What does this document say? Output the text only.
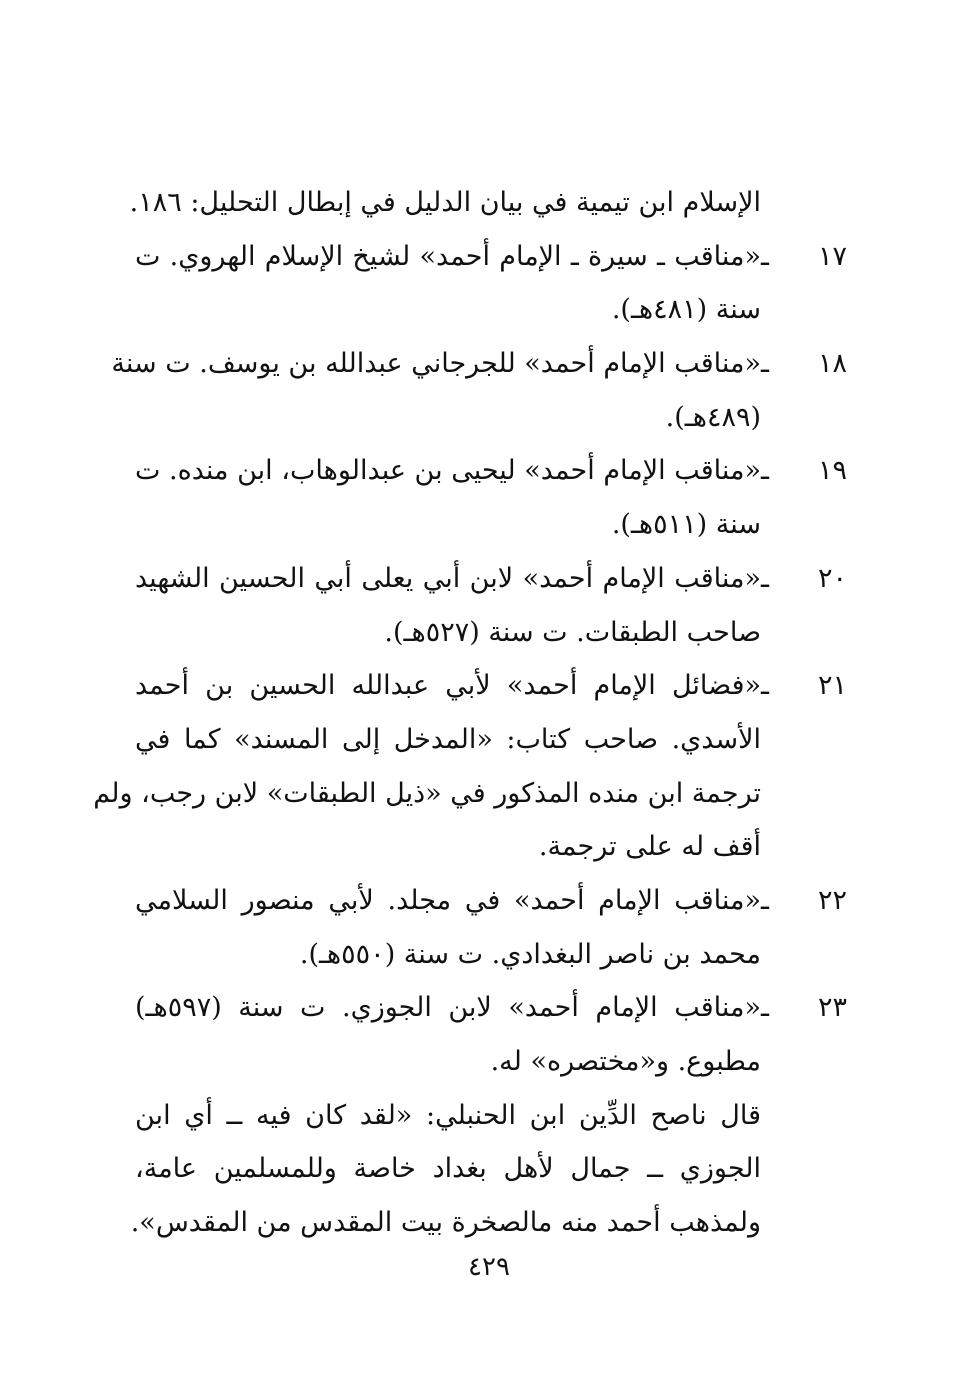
الإسلام ابن تيمية في بيان الدليل في إبطال التحليل: ١٨٦.
١٧ ـ«مناقب ـ سيرة ـ الإمام أحمد» لشيخ الإسلام الهروي. ت
سنة (٤٨١هـ).
١٨ ـ«مناقب الإمام أحمد» للجرجاني عبدالله بن يوسف. ت سنة
(٤٨٩هـ).
١٩ ـ«مناقب الإمام أحمد» ليحيى بن عبدالوهاب، ابن منده. ت
سنة (٥١١هـ).
٢٠ ـ«مناقب الإمام أحمد» لابن أبي يعلى أبي الحسين الشهيد
صاحب الطبقات. ت سنة (٥٢٧هـ).
٢١ ـ«فضائل الإمام أحمد» لأبي عبدالله الحسين بن أحمد
الأسدي. صاحب كتاب: «المدخل إلى المسند» كما في
ترجمة ابن منده المذكور في «ذيل الطبقات» لابن رجب، ولم
أقف له على ترجمة.
٢٢ ـ«مناقب الإمام أحمد» في مجلد. لأبي منصور السلامي
محمد بن ناصر البغدادي. ت سنة (٥٥٠هـ).
٢٣ ـ«مناقب الإمام أحمد» لابن الجوزي. ت سنة (٥٩٧هـ)
مطبوع. و«مختصره» له.
قال ناصح الدِّين ابن الحنبلي: «لقد كان فيه ــ أي ابن
الجوزي ــ جمال لأهل بغداد خاصة وللمسلمين عامة،
ولمذهب أحمد منه مالصخرة بيت المقدس من المقدس».
٤٢٩
